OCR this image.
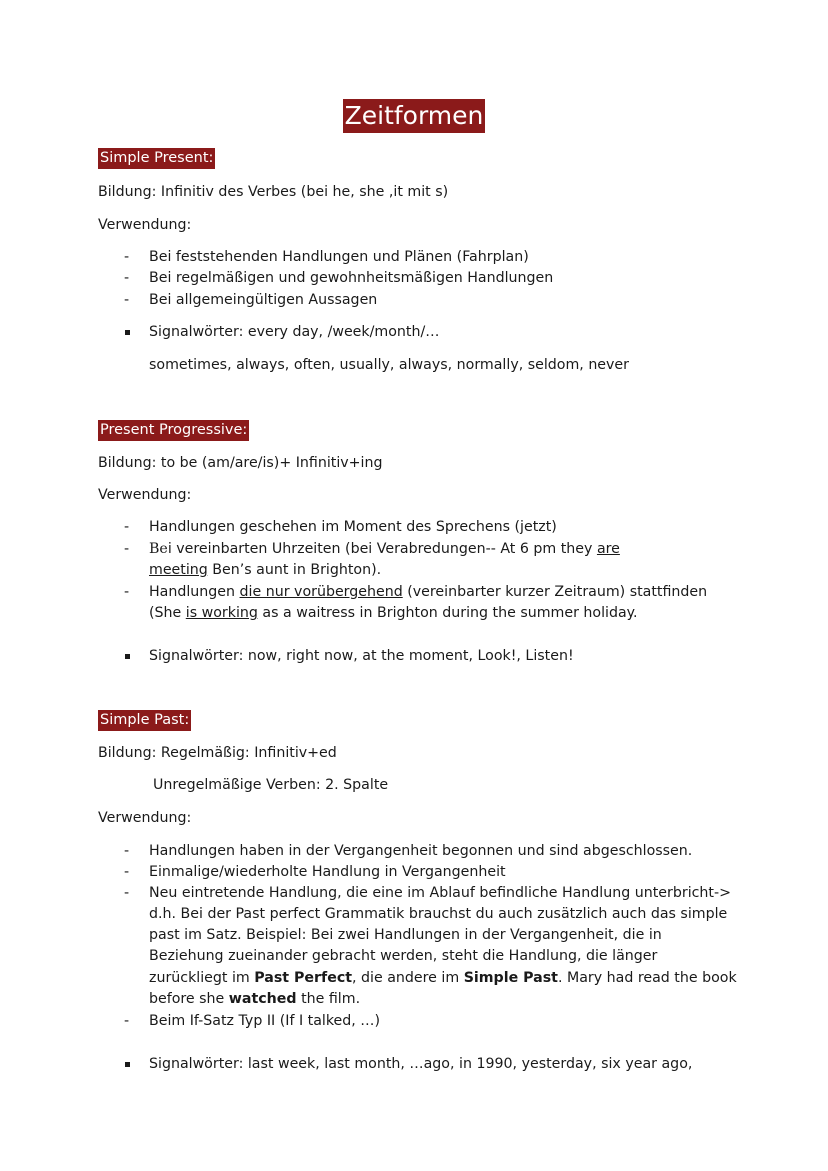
Zeitformen
Simple Present:
Bildung: Infinitiv des Verbes (bei he, she ,it mit s)
Verwendung:
- Bei feststehenden Handlungen und Plänen (Fahrplan)
- Bei regelmäßigen und gewohnheitsmäßigen Handlungen
- Bei allgemeingültigen Aussagen
Signalwörter: every day, /week/month/…
sometimes, always, often, usually, always, normally, seldom, never
Present Progressive:
Bildung: to be (am/are/is)+ Infinitiv+ing
Verwendung:
- Handlungen geschehen im Moment des Sprechens (jetzt)
- Bei vereinbarten Uhrzeiten (bei Verabredungen-- At 6 pm they are
meeting Ben’s aunt in Brighton).
- Handlungen die nur vorübergehend (vereinbarter kurzer Zeitraum) stattfinden
(She is working as a waitress in Brighton during the summer holiday.
Signalwörter: now, right now, at the moment, Look!, Listen!
Simple Past:
Bildung: Regelmäßig: Infinitiv+ed
Unregelmäßige Verben: 2. Spalte
Verwendung:
- Handlungen haben in der Vergangenheit begonnen und sind abgeschlossen.
- Einmalige/wiederholte Handlung in Vergangenheit
- Neu eintretende Handlung, die eine im Ablauf befindliche Handlung unterbricht->
d.h. Bei der Past perfect Grammatik brauchst du auch zusätzlich auch das simple
past im Satz. Beispiel: Bei zwei Handlungen in der Vergangenheit, die in
Beziehung zueinander gebracht werden, steht die Handlung, die länger
zurückliegt im Past Perfect, die andere im Simple Past. Mary had read the book
before she watched the film.
- Beim If-Satz Typ II (If I talked, …)
Signalwörter: last week, last month, …ago, in 1990, yesterday, six year ago,
